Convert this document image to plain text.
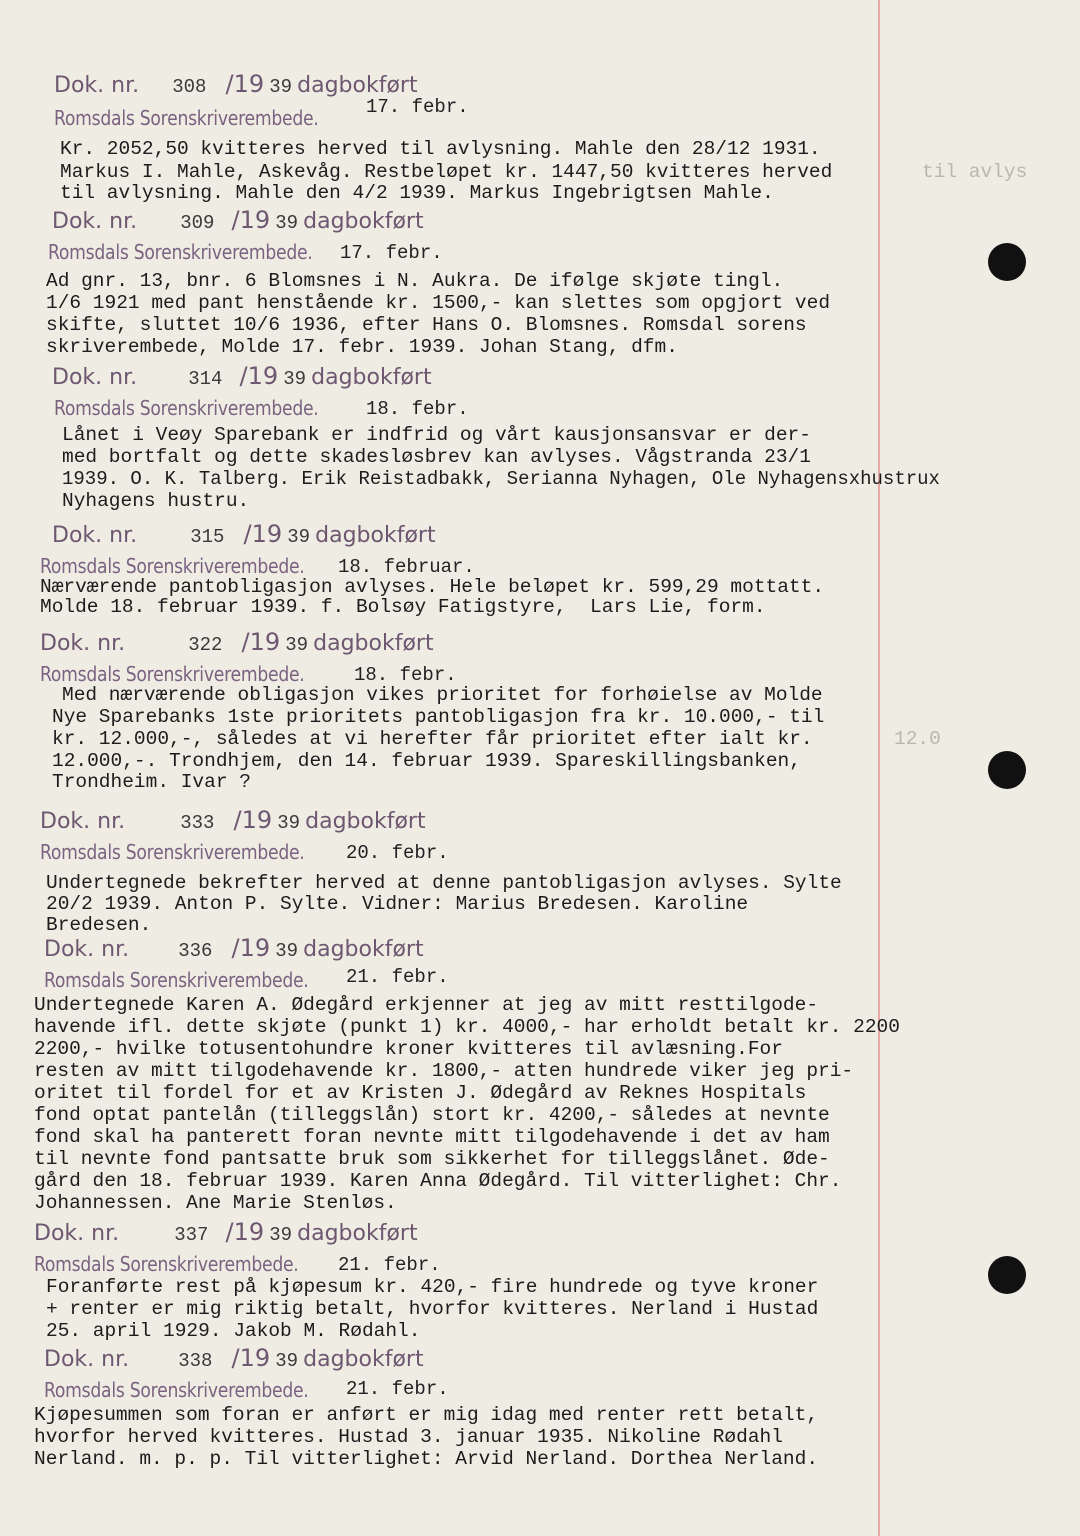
Dok. nr. 308 /19 39 dagbokført
Romsdals Sorenskriverembede. 17. febr.
Kr. 2052,50 kvitteres herved til avlysning. Mahle den 28/12 1931.
Markus I. Mahle, Askevåg. Restbeløpet kr. 1447,50 kvitteres herved	til avlys
til avlysning. Mahle den 4/2 1939. Markus Ingebrigtsen Mahle.
Dok. nr. 309 /19 39 dagbokført
Romsdals Sorenskriverembede. 17. febr.
Ad gnr. 13, bnr. 6 Blomsnes i N. Aukra. De ifølge skjøte tingl.
1/6 1921 med pant henstående kr. 1500,- kan slettes som opgjort ved
skifte, sluttet 10/6 1936, efter Hans O. Blomsnes. Romsdal sorens
skriverembede, Molde 17. febr. 1939. Johan Stang, dfm.
Dok. nr.	314 /19 39 dagbokført
Romsdals Sorenskriverembede. 18. febr.
Lånet i Veøy Sparebank er indfrid og vårt kausjonsansvar er der-
med bortfalt og dette skadesløsbrev kan avlyses. Vågstranda 23/1
1939. O. K. Talberg. Erik Reistadbakk, Serianna Nyhagen, Ole Nyhagensxhustrux
Nyhagens hustru.
Dok. nr.	315 /19 39 dagbokført
Romsdals Sorenskriverembede. 18. februar.
Nærværende pantobligasjon avlyses. Hele beløpet kr. 599,29 mottatt.
Molde 18. februar 1939. f. Bolsøy Fatigstyre,  Lars Lie, form.
Dok. nr.	322 /19 39 dagbokført
Romsdals Sorenskriverembede.	18. febr.
Med nærværende obligasjon vikes prioritet for forhøielse av Molde
Nye Sparebanks 1ste prioritets pantobligasjon fra kr. 10.000,- til
kr. 12.000,-, således at vi herefter får prioritet efter ialt kr.	12.0
12.000,-. Trondhjem, den 14. februar 1939. Spareskillingsbanken,
Trondheim. Ivar ?
Dok. nr.	333 /19 39 dagbokført
Romsdals Sorenskriverembede. 20. febr.
Undertegnede bekrefter herved at denne pantobligasjon avlyses. Sylte
20/2 1939. Anton P. Sylte. Vidner: Marius Bredesen. Karoline
Bredesen.
Dok. nr.	336 /19 39 dagbokført
Romsdals Sorenskriverembede. 21. febr.
Undertegnede Karen A. Ødegård erkjenner at jeg av mitt resttilgode-
havende ifl. dette skjøte (punkt 1) kr. 4000,- har erholdt betalt kr. 2200
2200,- hvilke totusentohundre kroner kvitteres til avlæsning.For
resten av mitt tilgodehavende kr. 1800,- atten hundrede viker jeg pri-
oritet til fordel for et av Kristen J. Ødegård av Reknes Hospitals
fond optat pantelån (tilleggslån) stort kr. 4200,- således at nevnte
fond skal ha panterett foran nevnte mitt tilgodehavende i det av ham
til nevnte fond pantsatte bruk som sikkerhet for tilleggslånet. Øde-
gård den 18. februar 1939. Karen Anna Ødegård. Til vitterlighet: Chr.
Johannessen. Ane Marie Stenløs.
Dok. nr.	337 /19 39 dagbokført
Romsdals Sorenskriverembede. 21. febr.
Foranførte rest på kjøpesum kr. 420,- fire hundrede og tyve kroner
+ renter er mig riktig betalt, hvorfor kvitteres. Nerland i Hustad
25. april 1929. Jakob M. Rødahl.
Dok. nr.	338 /19 39 dagbokført
Romsdals Sorenskriverembede. 21. febr.
Kjøpesummen som foran er anført er mig idag med renter rett betalt,
hvorfor herved kvitteres. Hustad 3. januar 1935. Nikoline Rødahl
Nerland. m. p. p. Til vitterlighet: Arvid Nerland. Dorthea Nerland.
